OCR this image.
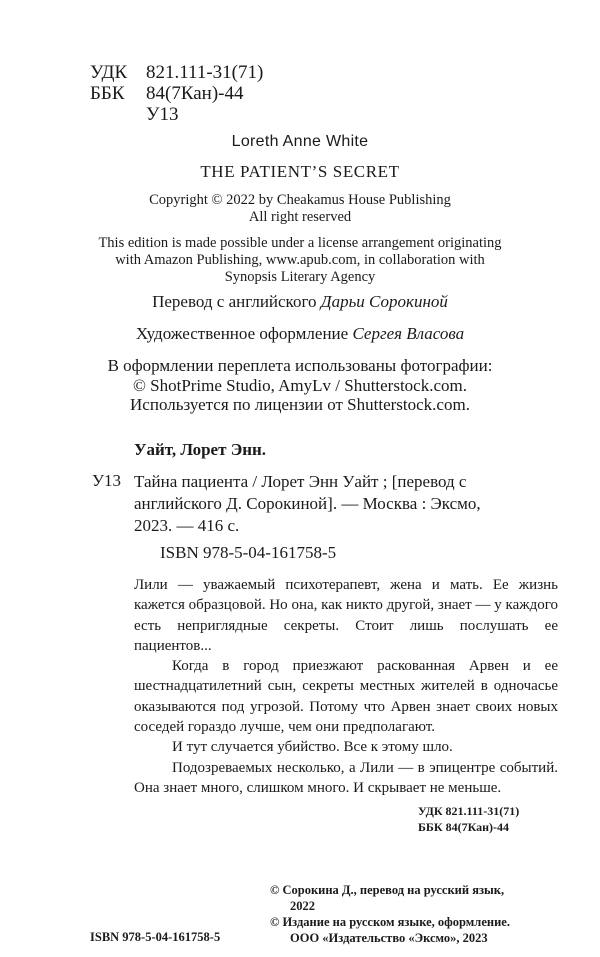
УДК 821.111-31(71)
ББК	84(7Кан)-44
У13
Loreth Anne White
THE PATIENT’S SECRET
Copyright © 2022 by Cheakamus House Publishing
All right reserved
This edition is made possible under a license arrangement originating
with Amazon Publishing, www.apub.com, in collaboration with
Synopsis Literary Agency
Перевод с английского Дарьи Сорокиной
Художественное оформление Сергея Власова
В оформлении переплета использованы фотографии:
© ShotPrime Studio, AmyLv / Shutterstock.com.
Используется по лицензии от Shutterstock.com.
Уайт, Лорет Энн.
У13 Тайна пациента / Лорет Энн Уайт ; [перевод с
английского Д. Сорокиной]. — Москва : Эксмо,
2023. — 416 с.
ISBN 978-5-04-161758-5

Лили — уважаемый психотерапевт, жена и мать. Ее жизнь кажется образцовой. Но она, как никто другой, знает — у каждого есть неприглядные секреты. Стоит лишь послушать ее пациентов...

Когда в город приезжают раскованная Арвен и ее шестнадцатилетний сын, секреты местных жителей в одночасье оказываются под угрозой. Потому что Арвен знает своих новых соседей гораздо лучше, чем они предполагают.

И тут случается убийство. Все к этому шло.

Подозреваемых несколько, а Лили — в эпицентре событий. Она знает много, слишком много. И скрывает не меньше.

УДК 821.111-31(71)
ББК 84(7Кан)-44
© Сорокина Д., перевод на русский язык,
2022
© Издание на русском языке, оформление.
ООО «Издательство «Эксмо», 2023
ISBN 978-5-04-161758-5
